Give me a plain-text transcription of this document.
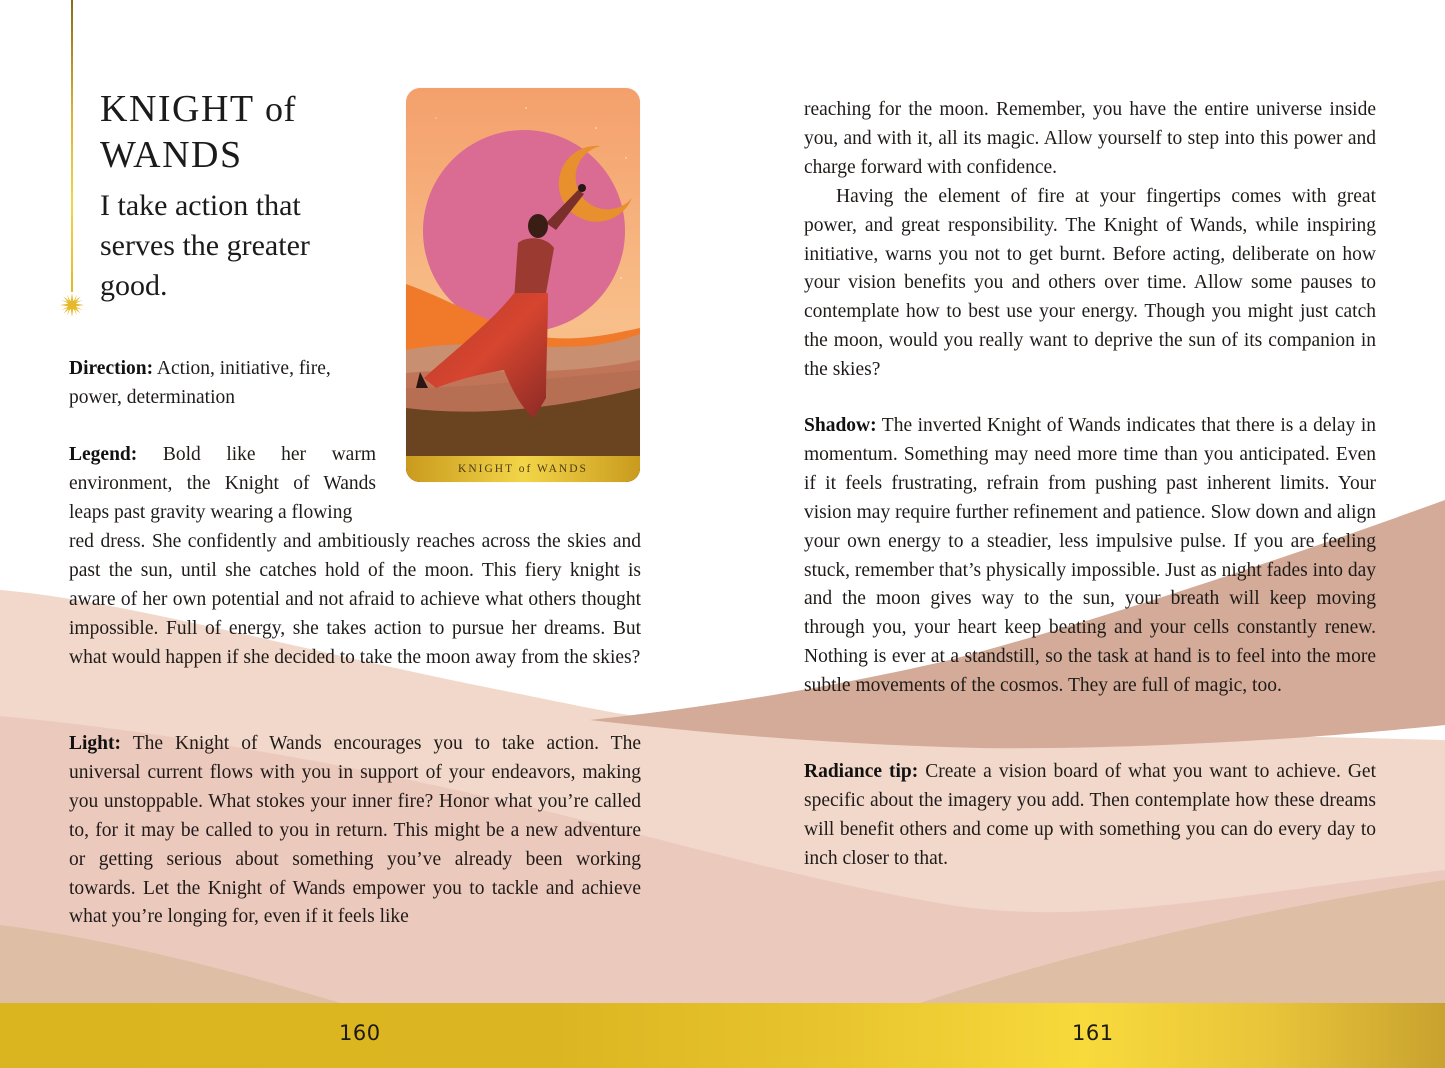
KNIGHT of
WANDS
I take action that serves the greater good.
KNIGHT of WANDS
Direction: Action, initiative, fire, power, determination
Legend: Bold like her warm environment, the Knight of Wands leaps past gravity wearing a flowing
red dress. She confidently and ambitiously reaches across the skies and past the sun, until she catches hold of the moon. This fiery knight is aware of her own potential and not afraid to achieve what others thought impossible. Full of energy, she takes action to pursue her dreams. But what would happen if she decided to take the moon away from the skies?
Light: The Knight of Wands encourages you to take action. The universal current flows with you in support of your endeavors, making you unstoppable. What stokes your inner fire? Honor what you’re called to, for it may be called to you in return. This might be a new adventure or getting serious about something you’ve already been working towards. Let the Knight of Wands empower you to tackle and achieve what you’re longing for, even if it feels like
reaching for the moon. Remember, you have the entire universe inside you, and with it, all its magic. Allow yourself to step into this power and charge forward with confidence.
Having the element of fire at your fingertips comes with great power, and great responsibility. The Knight of Wands, while inspiring initiative, warns you not to get burnt. Before acting, deliberate on how your vision benefits you and others over time. Allow some pauses to contemplate how to best use your energy. Though you might just catch the moon, would you really want to deprive the sun of its companion in the skies?
Shadow: The inverted Knight of Wands indicates that there is a delay in momentum. Something may need more time than you anticipated. Even if it feels frustrating, refrain from pushing past inherent limits. Your vision may require further refinement and patience. Slow down and align your own energy to a steadier, less impulsive pulse. If you are feeling stuck, remember that’s physically impossible. Just as night fades into day and the moon gives way to the sun, your breath will keep moving through you, your heart keep beating and your cells constantly renew. Nothing is ever at a standstill, so the task at hand is to feel into the more subtle movements of the cosmos. They are full of magic, too.
Radiance tip: Create a vision board of what you want to achieve. Get specific about the imagery you add. Then contemplate how these dreams will benefit others and come up with something you can do every day to inch closer to that.
160	161
